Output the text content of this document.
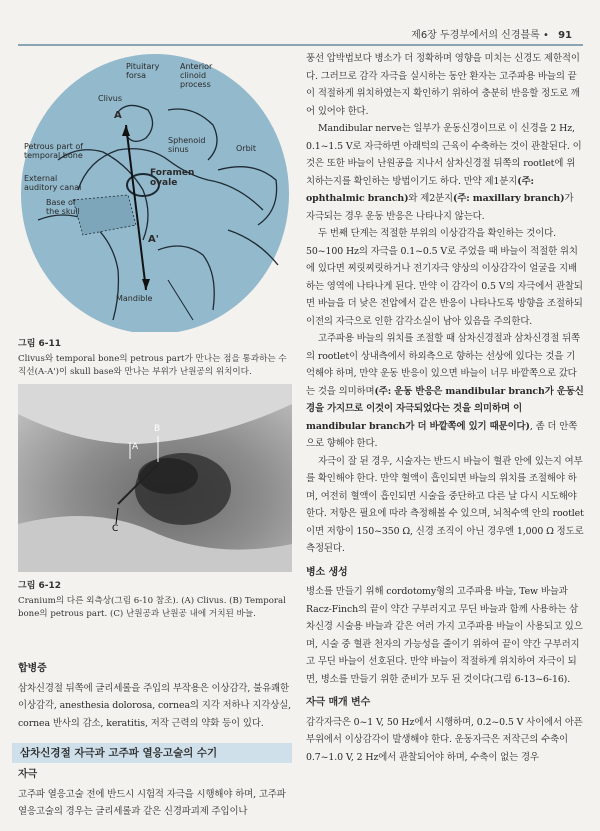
제6장 두경부에서의 신경블록 • 91
Pituitary
forsa
Anterior
clinoid
process
Clivus
A
Petrous part of
temporal bone
Sphenoid
sinus	Orbit
External
auditory canal
Foramen
ovale
Base of
the skull
A'
Mandible
그림 6-11
Clivus와 temporal bone의 petrous part가 만나는 점을 통과하는 수직선(A-A')이 skull base와 만나는 부위가 난원공의 위치이다.
A
B
C
그림 6-12
Cranium의 다른 외측상(그림 6-10 참조). (A) Clivus. (B) Temporal bone의 petrous part. (C) 난원공과 난원공 내에 거치된 바늘.
합병증

삼차신경절 뒤쪽에 글리세롤을 주입의 부작용은 이상감각, 불유쾌한 이상감각, anesthesia dolorosa, cornea의 지각 저하나 지각상실, cornea 반사의 감소, keratitis, 저작 근력의 약화 등이 있다.

삼차신경절 자극과 고주파 열응고술의 수기
자극

고주파 열응고술 전에 반드시 시험적 자극을 시행해야 하며, 고주파 열응고술의 경우는 글리세롤과 같은 신경파괴제 주입이나

풍선 압박법보다 병소가 더 정확하며 영향을 미치는 신경도 제한적이다. 그러므로 감각 자극을 실시하는 동안 환자는 고주파용 바늘의 끝이 적절하게 위치하였는지 확인하기 위하여 충분히 반응할 정도로 깨어 있어야 한다.

Mandibular nerve는 일부가 운동신경이므로 이 신경을 2 Hz, 0.1~1.5 V로 자극하면 아래턱의 근육이 수축하는 것이 관찰된다. 이것은 또한 바늘이 난원공을 지나서 삼차신경절 뒤쪽의 rootlet에 위치하는지를 확인하는 방법이기도 하다. 만약 제1분지(주: ophthalmic branch)와 제2분지(주: maxillary branch)가 자극되는 경우 운동 반응은 나타나지 않는다.

두 번째 단계는 적절한 부위의 이상감각을 확인하는 것이다. 50~100 Hz의 자극을 0.1~0.5 V로 주었을 때 바늘이 적절한 위치에 있다면 찌릿찌릿하거나 전기자극 양상의 이상감각이 얼굴을 지배하는 영역에 나타나게 된다. 만약 이 감각이 0.5 V의 자극에서 관찰되면 바늘을 더 낮은 전압에서 같은 반응이 나타나도록 방향을 조절하되 이전의 자극으로 인한 감각소실이 남아 있음을 주의한다.

고주파용 바늘의 위치를 조절할 때 삼차신경절과 삼차신경절 뒤쪽의 rootlet이 상내측에서 하외측으로 향하는 선상에 있다는 것을 기억해야 하며, 만약 운동 반응이 있으면 바늘이 너무 바깥쪽으로 갔다는 것을 의미하며(주: 운동 반응은 mandibular branch가 운동신경을 가지므로 이것이 자극되었다는 것을 의미하며 이 mandibular branch가 더 바깥쪽에 있기 때문이다), 좀 더 안쪽으로 향해야 한다.

자극이 잘 된 경우, 시술자는 반드시 바늘이 혈관 안에 있는지 여부를 확인해야 한다. 만약 혈액이 흡인되면 바늘의 위치를 조절해야 하며, 여전히 혈액이 흡인되면 시술을 중단하고 다른 날 다시 시도해야 한다. 저항은 필요에 따라 측정해볼 수 있으며, 뇌척수액 안의 rootlet이면 저항이 150~350 Ω, 신경 조직이 아닌 경우엔 1,000 Ω 정도로 측정된다.

병소 생성

병소를 만들기 위해 cordotomy형의 고주파용 바늘, Tew 바늘과 Racz-Finch의 끝이 약간 구부러지고 무딘 바늘과 함께 사용하는 삼차신경 시술용 바늘과 같은 여러 가지 고주파용 바늘이 사용되고 있으며, 시술 중 혈관 천자의 가능성을 줄이기 위하여 끝이 약간 구부러지고 무딘 바늘이 선호된다. 만약 바늘이 적절하게 위치하여 자극이 되면, 병소를 만들기 위한 준비가 모두 된 것이다(그림 6-13~6-16).

자극 매개 변수

감각자극은 0~1 V, 50 Hz에서 시행하며, 0.2~0.5 V 사이에서 아픈 부위에서 이상감각이 발생해야 한다. 운동자극은 저작근의 수축이 0.7~1.0 V, 2 Hz에서 관찰되어야 하며, 수축이 없는 경우
